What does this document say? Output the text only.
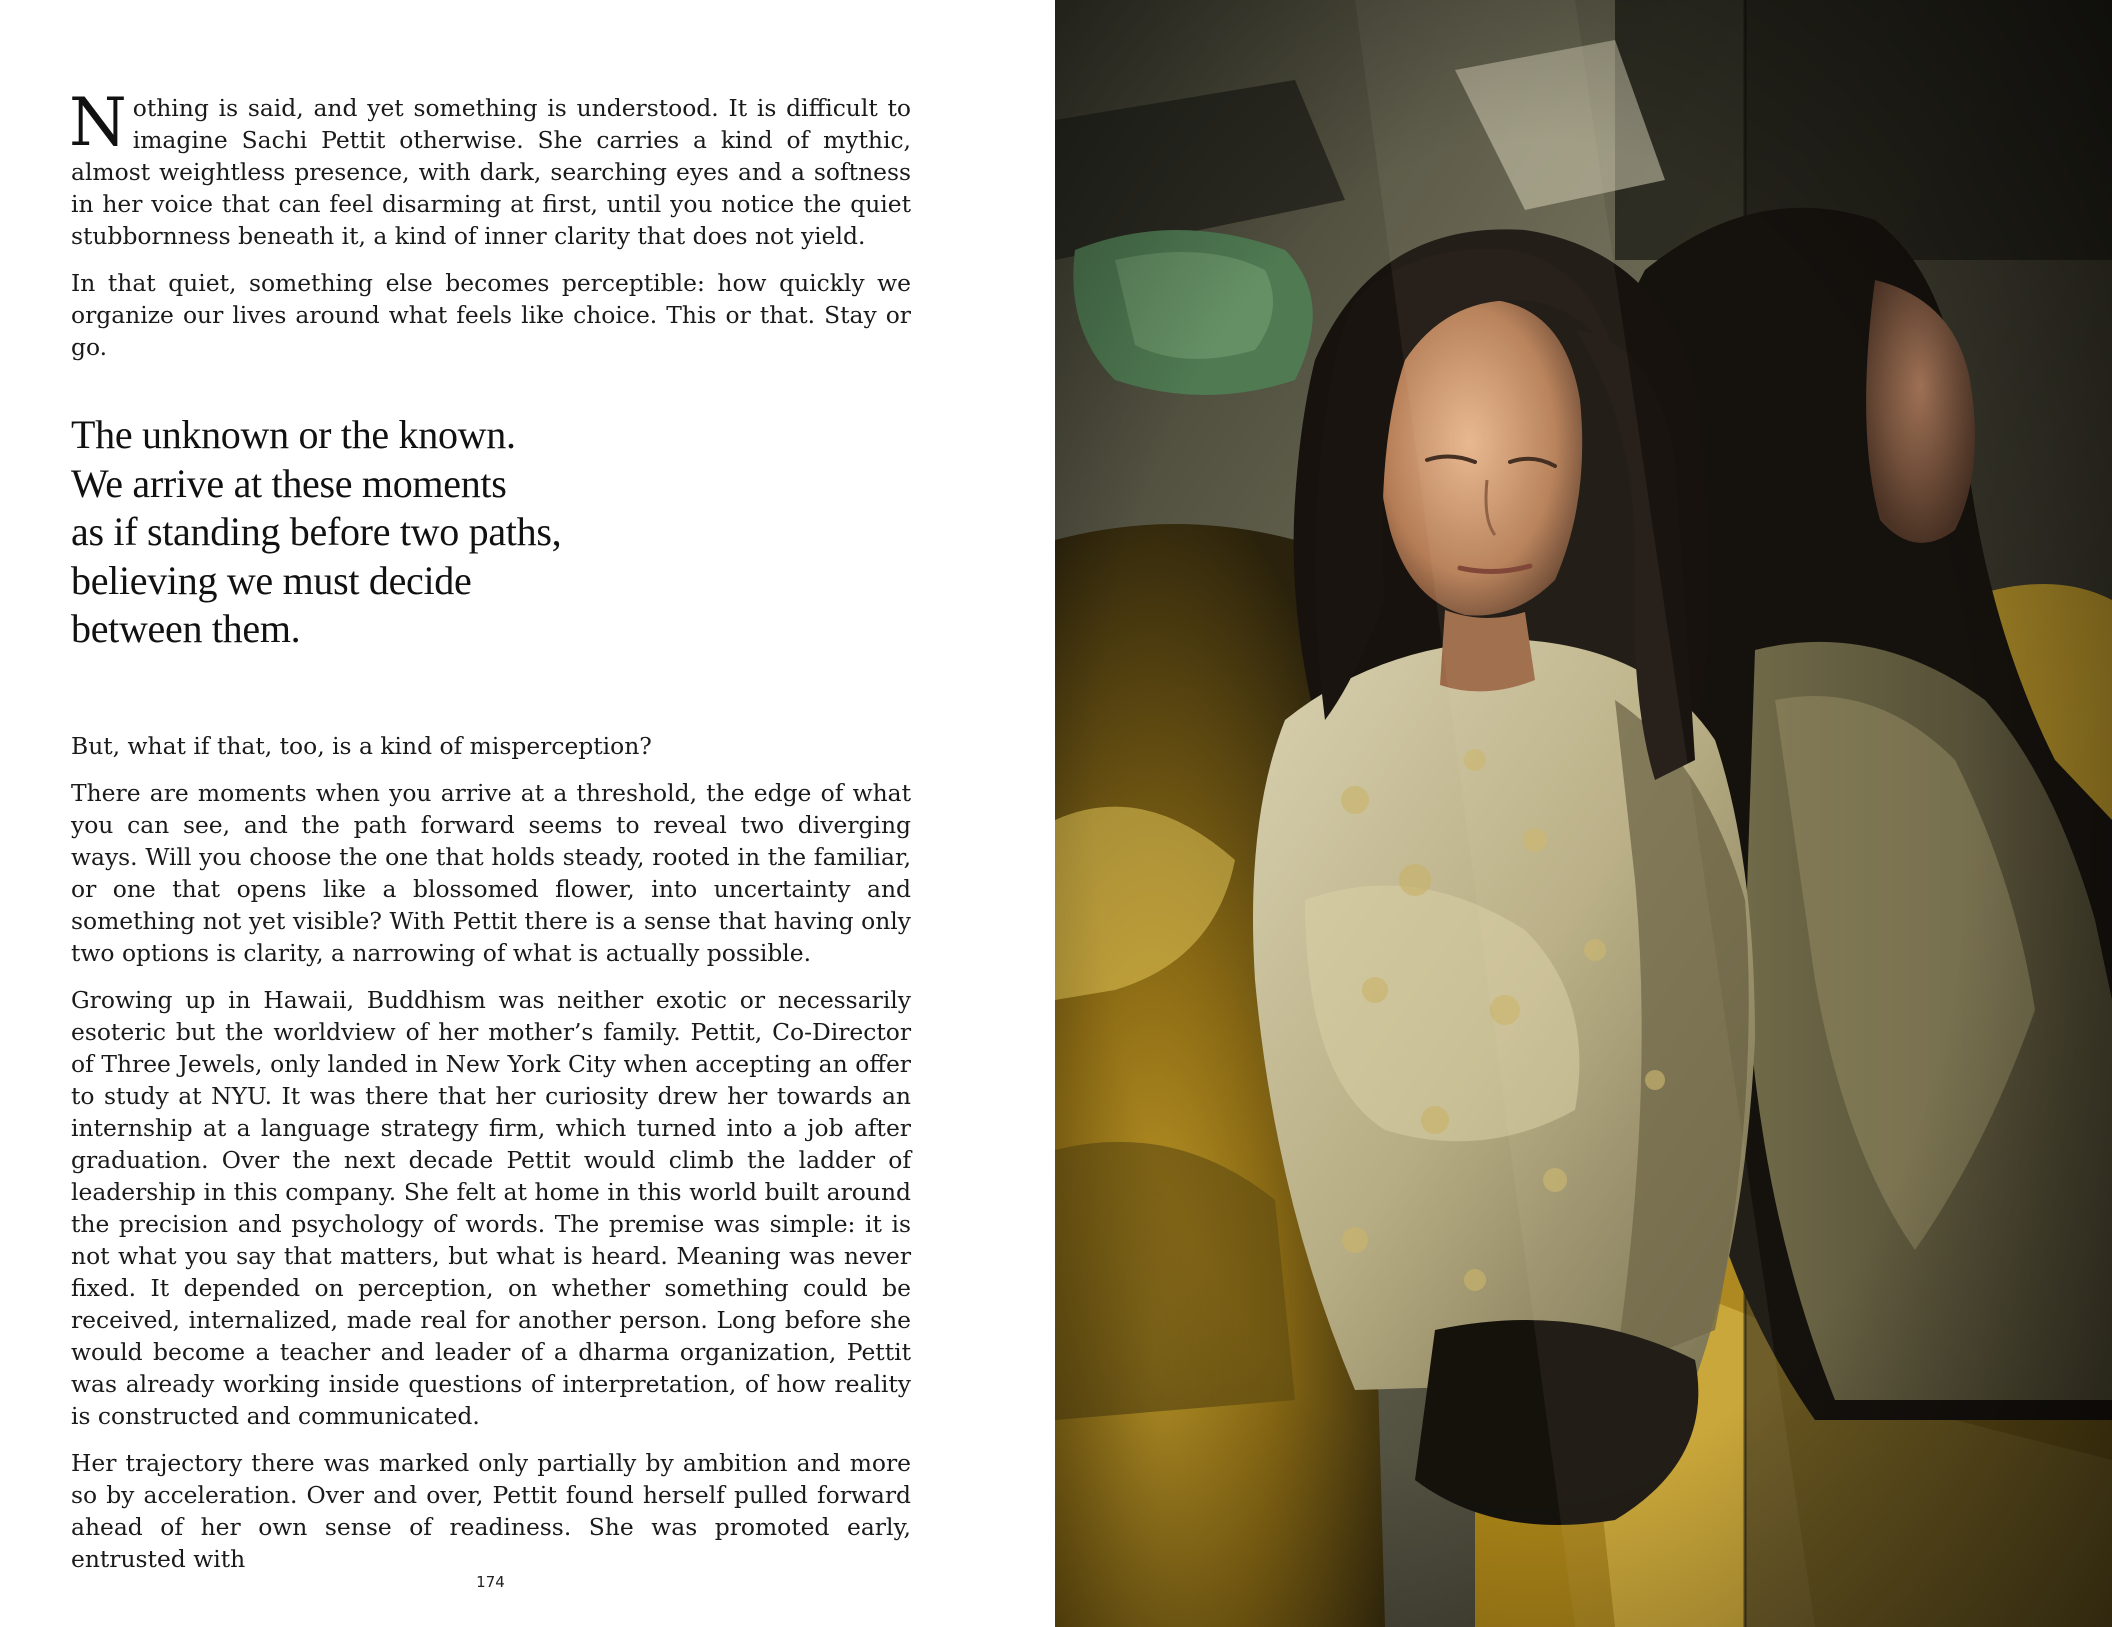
Nothing is said, and yet something is understood. It is difficult to imagine Sachi Pettit otherwise. She carries a kind of mythic, almost weightless presence, with dark, searching eyes and a softness in her voice that can feel disarming at first, until you notice the quiet stubbornness beneath it, a kind of inner clarity that does not yield.

In that quiet, something else becomes perceptible: how quickly we organize our lives around what feels like choice. This or that. Stay or go.

The unknown or the known.
We arrive at these moments
as if standing before two paths,
believing we must decide
between them.

But, what if that, too, is a kind of misperception?

There are moments when you arrive at a threshold, the edge of what you can see, and the path forward seems to reveal two diverging ways. Will you choose the one that holds steady, rooted in the familiar, or one that opens like a blossomed flower, into uncertainty and something not yet visible? With Pettit there is a sense that having only two options is clarity, a narrowing of what is actually possible.

Growing up in Hawaii, Buddhism was neither exotic or necessarily esoteric but the worldview of her mother’s family. Pettit, Co-Director of Three Jewels, only landed in New York City when accepting an offer to study at NYU. It was there that her curiosity drew her towards an internship at a language strategy firm, which turned into a job after graduation. Over the next decade Pettit would climb the ladder of leadership in this company. She felt at home in this world built around the precision and psychology of words. The premise was simple: it is not what you say that matters, but what is heard. Meaning was never fixed. It depended on perception, on whether something could be received, internalized, made real for another person. Long before she would become a teacher and leader of a dharma organization, Pettit was already working inside questions of interpretation, of how reality is constructed and communicated.

Her trajectory there was marked only partially by ambition and more so by acceleration. Over and over, Pettit found herself pulled forward ahead of her own sense of readiness. She was promoted early, entrusted with

174
